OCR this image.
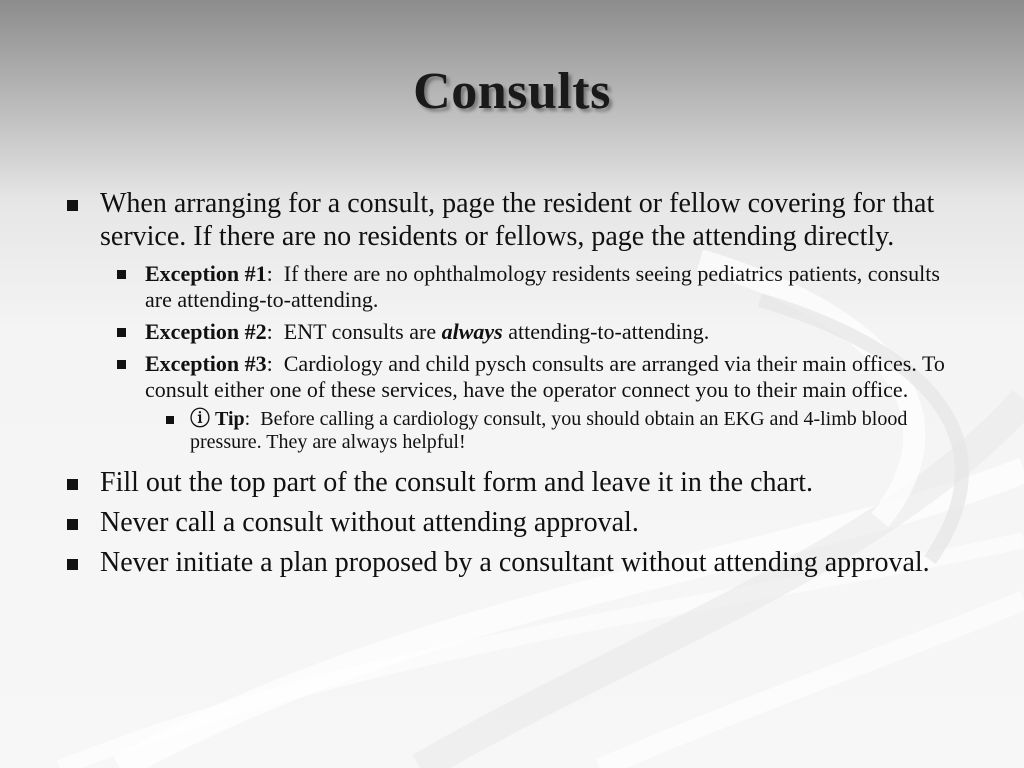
Consults
When arranging for a consult, page the resident or fellow covering for that service. If there are no residents or fellows, page the attending directly.
Exception #1:  If there are no ophthalmology residents seeing pediatrics patients, consults are attending-to-attending.
Exception #2:  ENT consults are always attending-to-attending.
Exception #3:  Cardiology and child pysch consults are arranged via their main offices. To consult either one of these services, have the operator connect you to their main office.
ⓘ Tip:  Before calling a cardiology consult, you should obtain an EKG and 4-limb blood pressure. They are always helpful!
Fill out the top part of the consult form and leave it in the chart.
Never call a consult without attending approval.
Never initiate a plan proposed by a consultant without attending approval.
